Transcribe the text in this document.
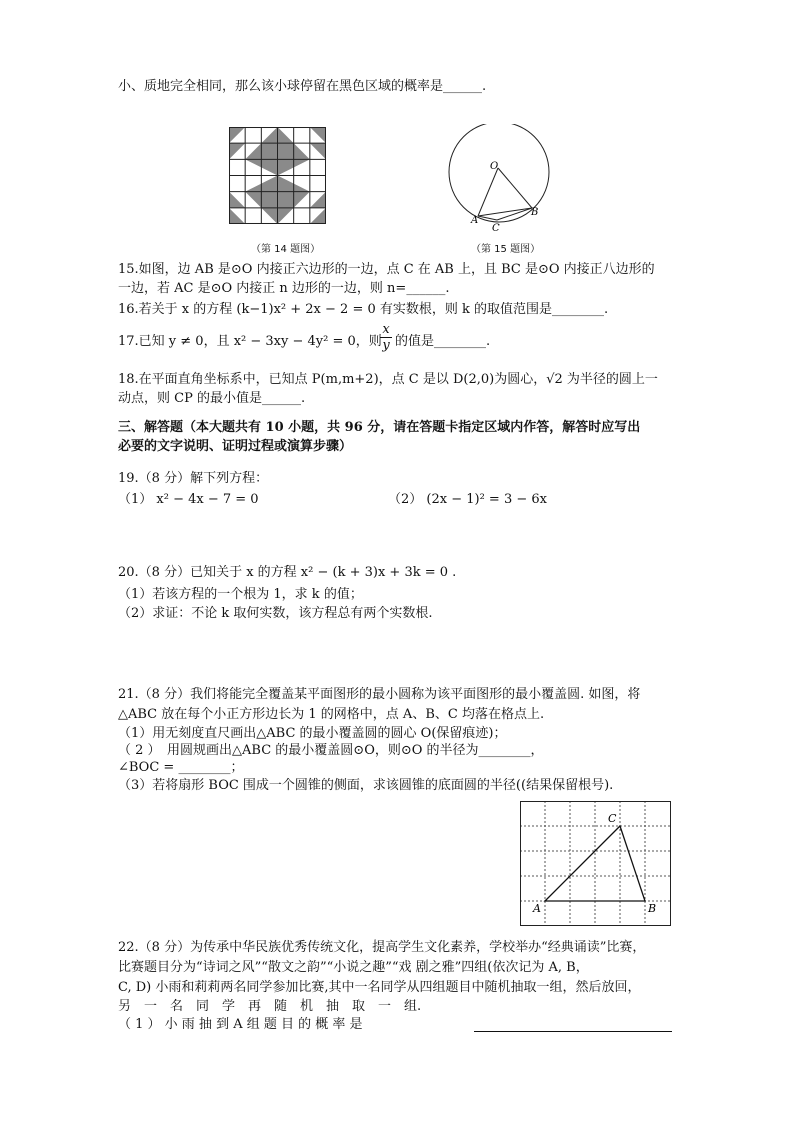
小、质地完全相同，那么该小球停留在黑色区域的概率是______.
（第 14 题图）
O
A
C
B
（第 15 题图）
15.如图，边 AB 是⊙O 内接正六边形的一边，点 C 在 AB 上，且 BC 是⊙O 内接正八边形的
一边，若 AC 是⊙O 内接正 n 边形的一边，则 n=______.
16.若关于 x 的方程 (k−1)x² + 2x − 2 = 0 有实数根，则 k 的取值范围是________.
17.已知 y ≠ 0，且 x² − 3xy − 4y² = 0，则
$\frac{x}{y}$ 的值是________.
18.在平面直角坐标系中，已知点 P(m,m+2)，点 C 是以 D(2,0)为圆心，√2 为半径的圆上一
动点，则 CP 的最小值是______.
三、解答题（本大题共有 10 小题，共 96 分，请在答题卡指定区域内作答，解答时应写出
必要的文字说明、证明过程或演算步骤）
19.（8 分）解下列方程：
（1） x² − 4x − 7 = 0	（2） (2x − 1)² = 3 − 6x
20.（8 分）已知关于 x 的方程 x² − (k + 3)x + 3k = 0 .
（1）若该方程的一个根为 1，求 k 的值；
（2）求证：不论 k 取何实数，该方程总有两个实数根.
21.（8 分）我们将能完全覆盖某平面图形的最小圆称为该平面图形的最小覆盖圆. 如图，将
△ABC 放在每个小正方形边长为 1 的网格中，点 A、B、C 均落在格点上.
（1）用无刻度直尺画出△ABC 的最小覆盖圆的圆心 O(保留痕迹)；
（ 2 ）　用圆规画出△ABC 的最小覆盖圆⊙O，则⊙O 的半径为________，
∠BOC = ________；
（3）若将扇形 BOC 围成一个圆锥的侧面，求该圆锥的底面圆的半径((结果保留根号).
A	B
C
22.（8 分）为传承中华民族优秀传统文化，提高学生文化素养，学校举办“经典诵读”比赛，
比赛题目分为“诗词之风”“散文之韵”“小说之趣”“戏 剧之雅”四组(依次记为 A, B，
C, D) 小雨和莉莉两名同学参加比赛,其中一名同学从四组题目中随机抽取一组，然后放回，
另　一　名　同　学　再　随　机　抽　取　一　组.
（ 1 ） 小 雨 抽 到 A 组 题 目 的 概 率 是
